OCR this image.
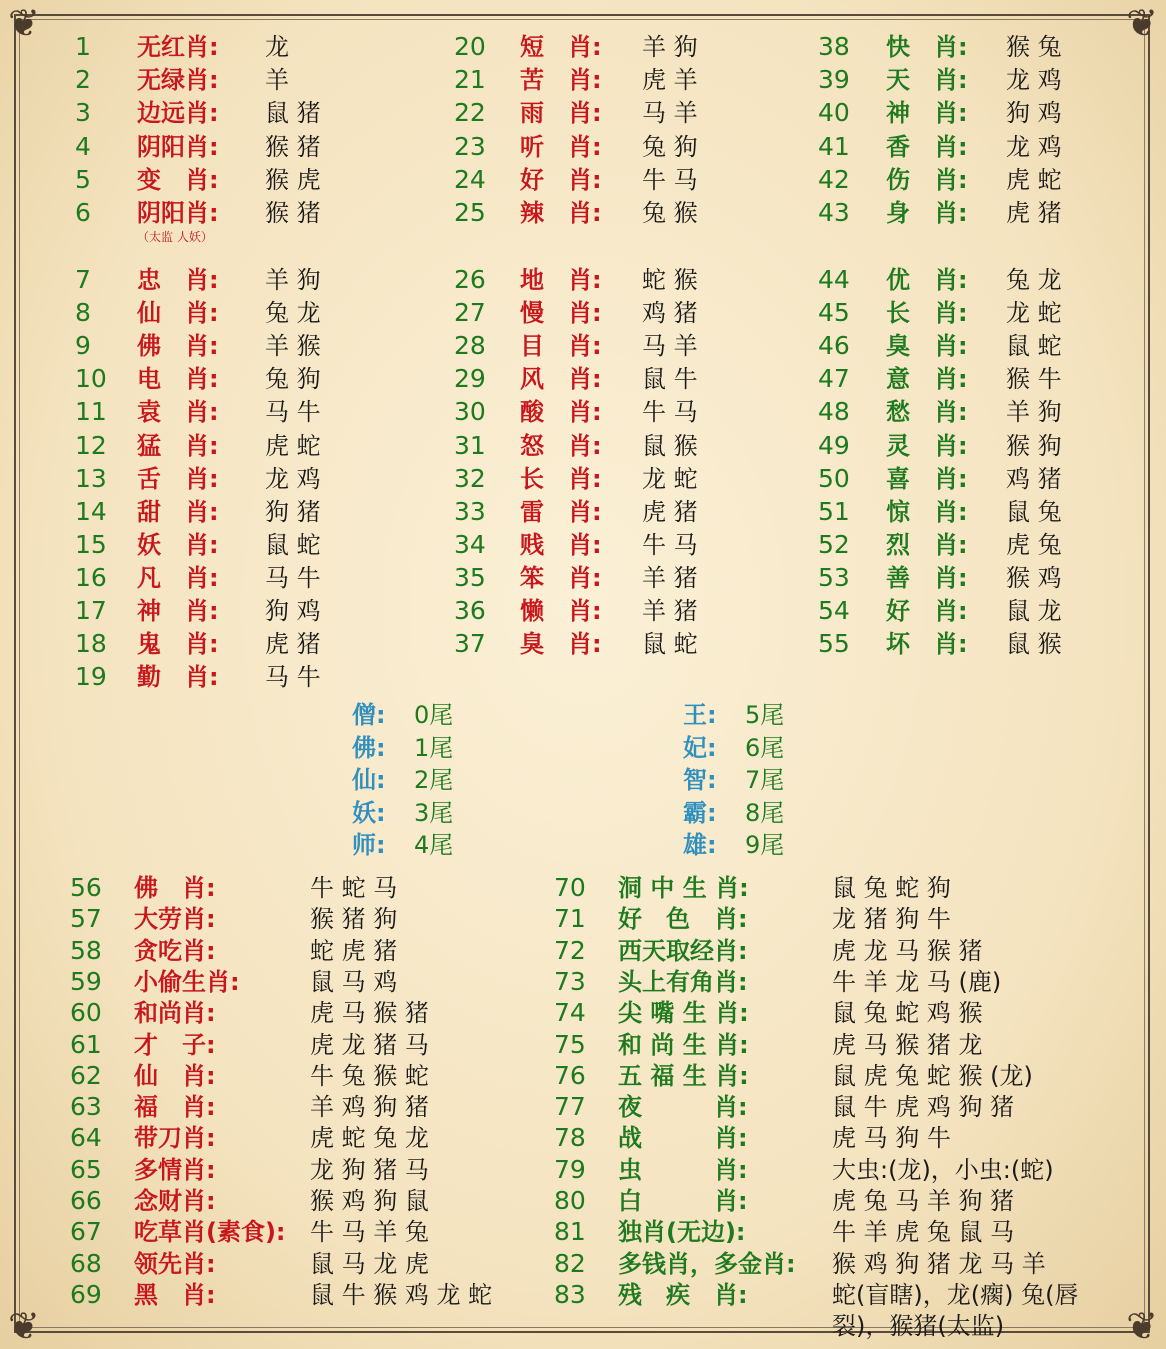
❦	❦
❦	❦
1 无红肖: 龙
2 无绿肖: 羊
3 边远肖: 鼠 猪
4 阴阳肖: 猴 猪
5 变　肖: 猴 虎
6 阴阳肖: 猴 猪
7 忠　肖: 羊 狗
8 仙　肖: 兔 龙
9 佛　肖: 羊 猴
10 电　肖: 兔 狗
11 袁　肖: 马 牛
12 猛　肖: 虎 蛇
13 舌　肖: 龙 鸡
14 甜　肖: 狗 猪
15 妖　肖: 鼠 蛇
16 凡　肖: 马 牛
17 神　肖: 狗 鸡
18 鬼　肖: 虎 猪
19 勤　肖: 马 牛
20 短　肖: 羊 狗
21 苦　肖: 虎 羊
22 雨　肖: 马 羊
23 听　肖: 兔 狗
24 好　肖: 牛 马
25 辣　肖: 兔 猴
26 地　肖: 蛇 猴
27 慢　肖: 鸡 猪
28 目　肖: 马 羊
29 风　肖: 鼠 牛
30 酸　肖: 牛 马
31 怒　肖: 鼠 猴
32 长　肖: 龙 蛇
33 雷　肖: 虎 猪
34 贱　肖: 牛 马
35 笨　肖: 羊 猪
36 懒　肖: 羊 猪
37 臭　肖: 鼠 蛇
38 快　肖: 猴 兔
39 天　肖: 龙 鸡
40 神　肖: 狗 鸡
41 香　肖: 龙 鸡
42 伤　肖: 虎 蛇
43 身　肖: 虎 猪
44 优　肖: 兔 龙
45 长　肖: 龙 蛇
46 臭　肖: 鼠 蛇
47 意　肖: 猴 牛
48 愁　肖: 羊 狗
49 灵　肖: 猴 狗
50 喜　肖: 鸡 猪
51 惊　肖: 鼠 兔
52 烈　肖: 虎 兔
53 善　肖: 猴 鸡
54 好　肖: 鼠 龙
55 坏　肖: 鼠 猴
（太监 人妖）
僧: 0尾
佛: 1尾
仙: 2尾
妖: 3尾
师: 4尾
王: 5尾
妃: 6尾
智: 7尾
霸: 8尾
雄: 9尾
56 佛　肖:	牛 蛇 马
57 大劳肖:	猴 猪 狗
58 贪吃肖:	蛇 虎 猪
59 小偷生肖:	鼠 马 鸡
60 和尚肖:	虎 马 猴 猪
61 才　子:	虎 龙 猪 马
62 仙　肖:	牛 兔 猴 蛇
63 福　肖:	羊 鸡 狗 猪
64 带刀肖:	虎 蛇 兔 龙
65 多情肖:	龙 狗 猪 马
66 念财肖:	猴 鸡 狗 鼠
67 吃草肖(素食): 牛 马 羊 兔
68 领先肖:	鼠 马 龙 虎
69 黑　肖:	鼠 牛 猴 鸡 龙 蛇
70 洞 中 生 肖:	鼠 兔 蛇 狗
71 好　色　肖:	龙 猪 狗 牛
72 西天取经肖:	虎 龙 马 猴 猪
73 头上有角肖:	牛 羊 龙 马 (鹿)
74 尖 嘴 生 肖:	鼠 兔 蛇 鸡 猴
75 和 尚 生 肖:	虎 马 猴 猪 龙
76 五 福 生 肖:	鼠 虎 兔 蛇 猴 (龙)
77 夜　　　肖:	鼠 牛 虎 鸡 狗 猪
78 战　　　肖:	虎 马 狗 牛
79 虫　　　肖:	大虫:(龙)，小虫:(蛇)
80 白　　　肖:	虎 兔 马 羊 狗 猪
81 独肖(无边):	牛 羊 虎 兔 鼠 马
82 多钱肖，多金肖: 猴 鸡 狗 猪 龙 马 羊
83 残　疾　肖:	蛇(盲瞎)，龙(瘸) 兔(唇裂)，猴猪(太监)
